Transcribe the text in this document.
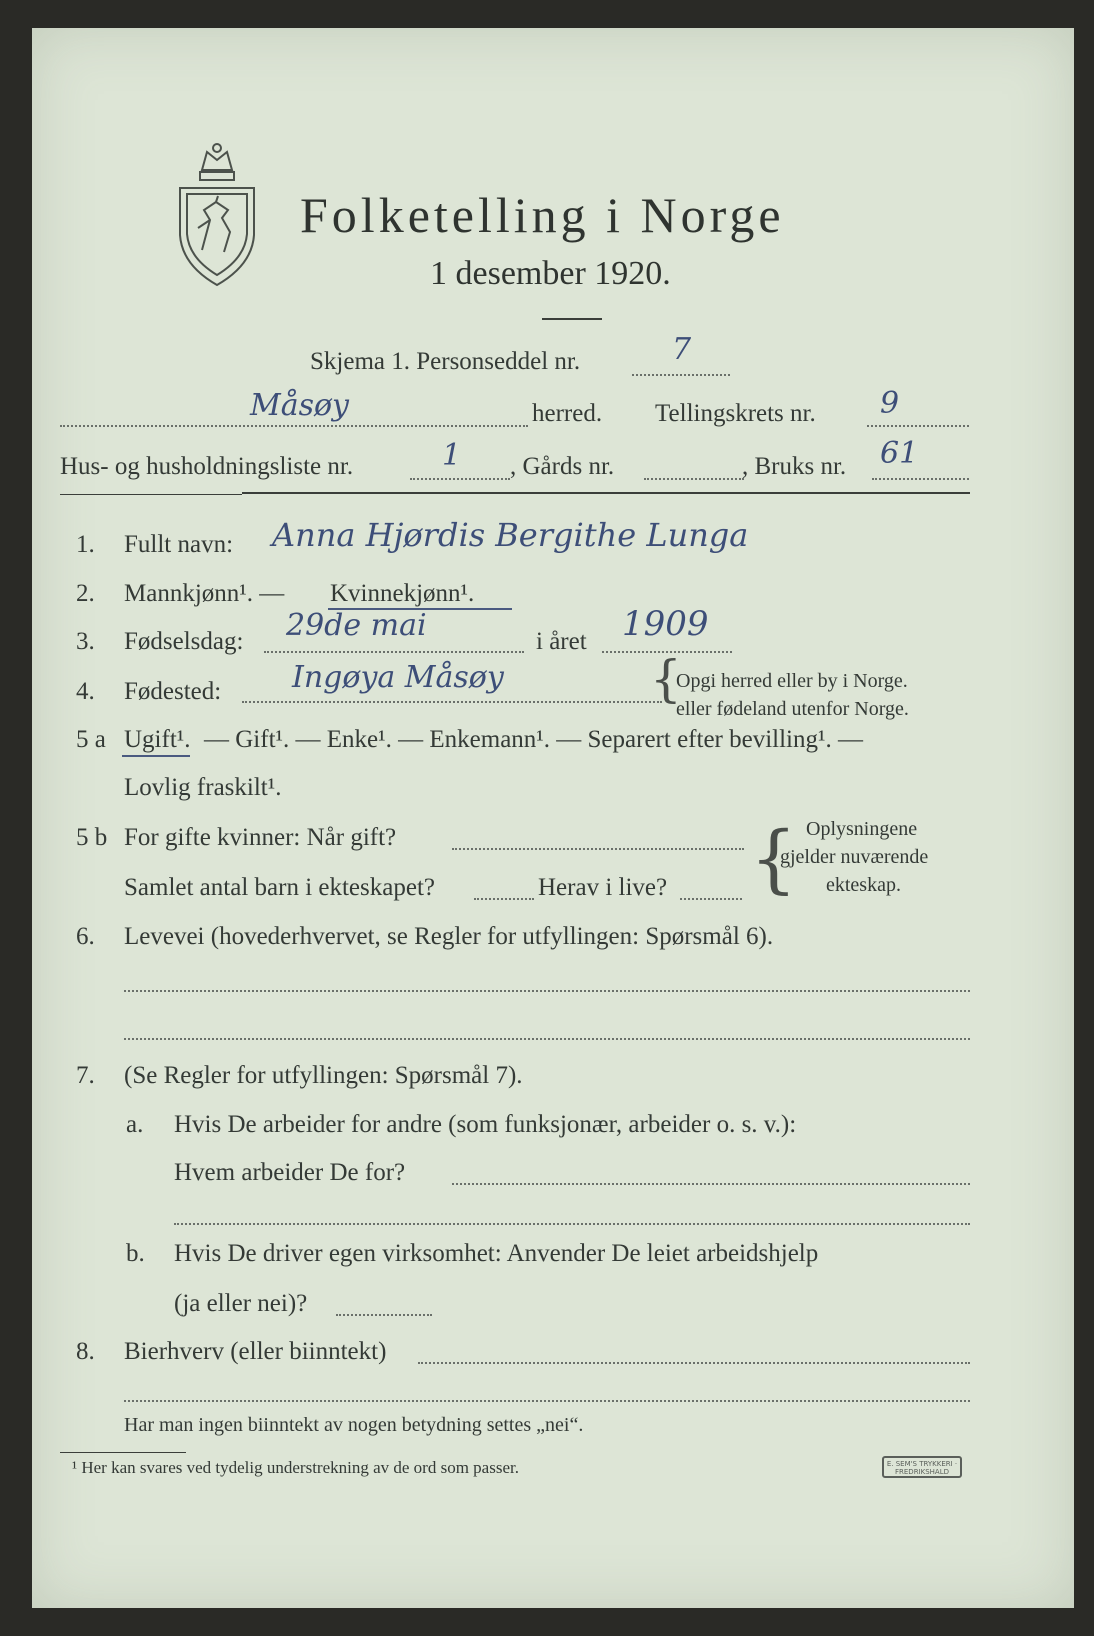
Folketelling i Norge
1 desember 1920.
Skjema 1. Personseddel nr.	7
Måsøy	herred. Tellingskrets nr. 9
Hus- og husholdningsliste nr.	1 , Gårds nr.	, Bruks nr. 61
1. Fullt navn: Anna Hjørdis Bergithe Lunga
2. Mannkjønn¹. — Kvinnekjønn¹.
3. Fødselsdag: 29de mai	i året 1909
4. Fødested: Ingøya Måsøy	{
Opgi herred eller by i Norge.
eller fødeland utenfor Norge.
5 a Ugift¹. — Gift¹. — Enke¹. — Enkemann¹. — Separert efter bevilling¹. —
Lovlig fraskilt¹.
5 b For gifte kvinner: Når gift?
Samlet antal barn i ekteskapet?	Herav i live? { Oplysningene
gjelder nuværende
ekteskap.
6. Levevei (hovederhvervet, se Regler for utfyllingen: Spørsmål 6).
7. (Se Regler for utfyllingen: Spørsmål 7).
a. Hvis De arbeider for andre (som funksjonær, arbeider o. s. v.):
Hvem arbeider De for?
b. Hvis De driver egen virksomhet: Anvender De leiet arbeidshjelp
(ja eller nei)?
8. Bierhverv (eller biinntekt)
Har man ingen biinntekt av nogen betydning settes „nei“.
¹ Her kan svares ved tydelig understrekning av de ord som passer.	E. SEM'S TRYKKERI · FREDRIKSHALD
